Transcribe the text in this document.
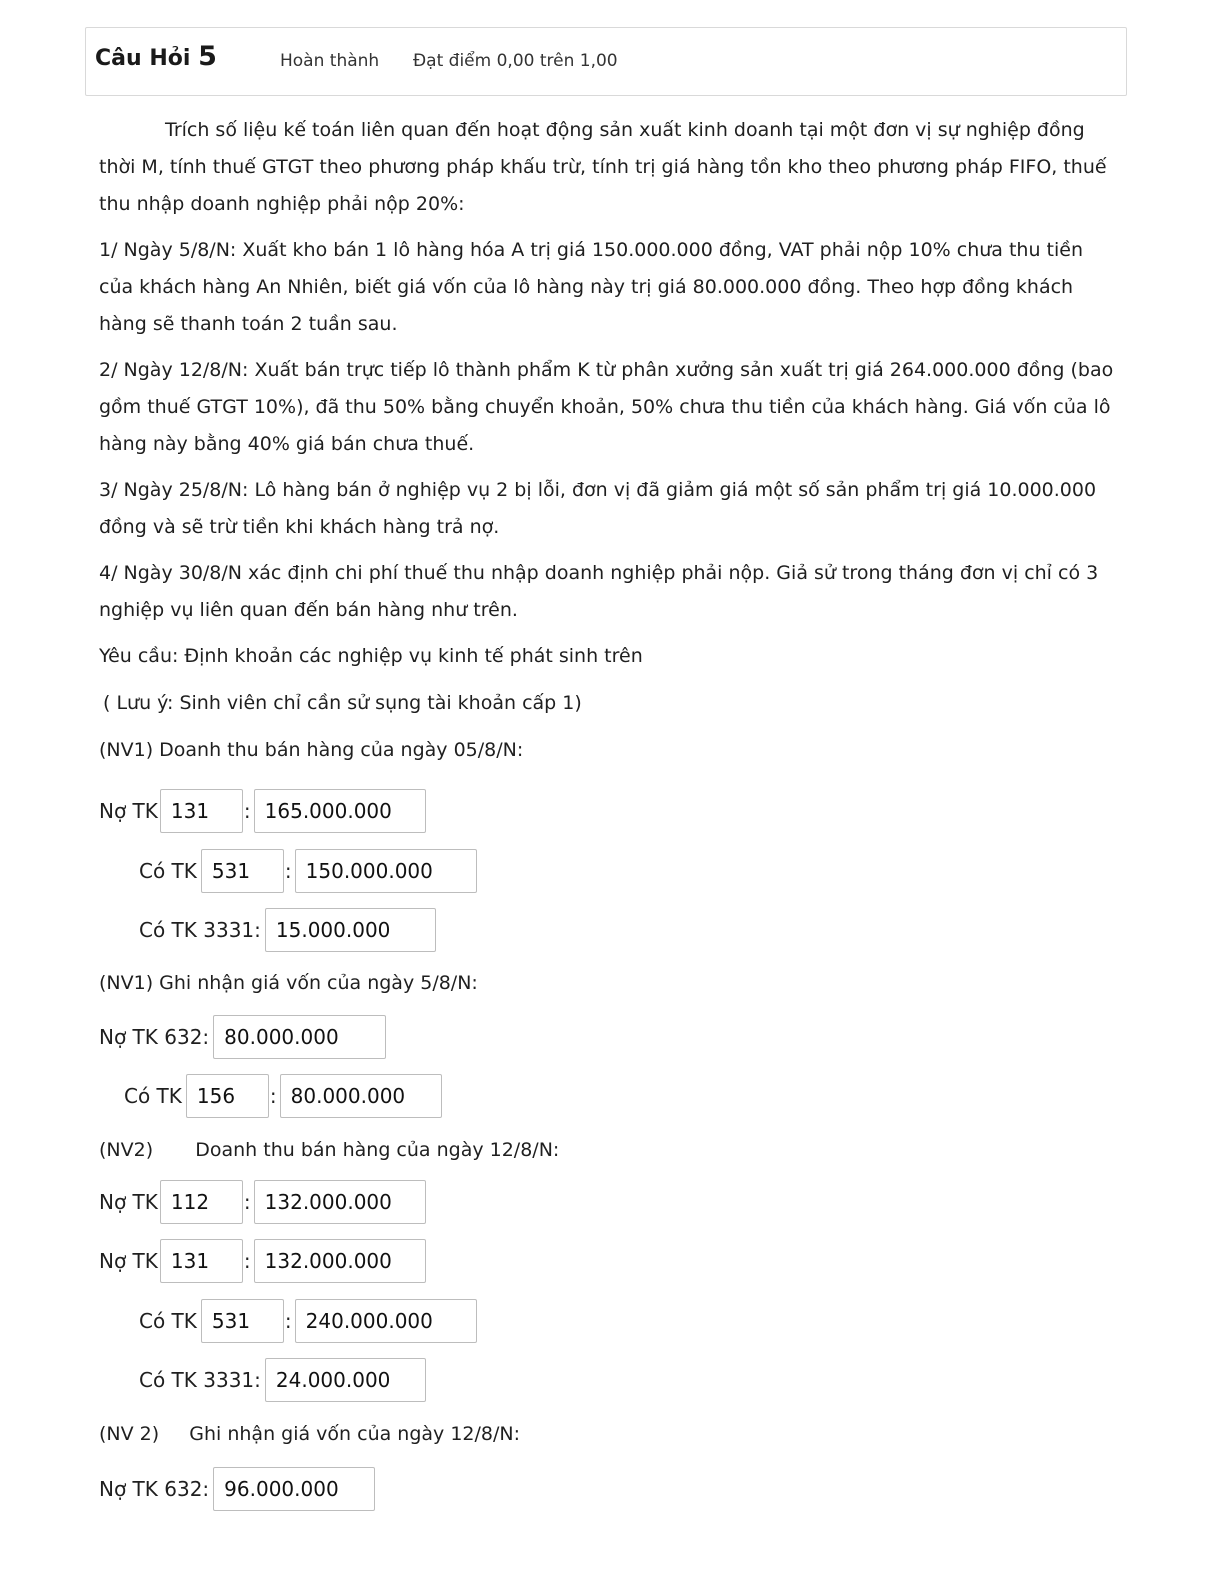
Câu Hỏi 5	Hoàn thành Đạt điểm 0,00 trên 1,00

Trích số liệu kế toán liên quan đến hoạt động sản xuất kinh doanh tại một đơn vị sự nghiệp đồng thời M, tính thuế GTGT theo phương pháp khấu trừ, tính trị giá hàng tồn kho theo phương pháp FIFO, thuế thu nhập doanh nghiệp phải nộp 20%:

1/ Ngày 5/8/N: Xuất kho bán 1 lô hàng hóa A trị giá 150.000.000 đồng, VAT phải nộp 10% chưa thu tiền của khách hàng An Nhiên, biết giá vốn của lô hàng này trị giá 80.000.000 đồng. Theo hợp đồng khách hàng sẽ thanh toán 2 tuần sau.

2/ Ngày 12/8/N: Xuất bán trực tiếp lô thành phẩm K từ phân xưởng sản xuất trị giá 264.000.000 đồng (bao gồm thuế GTGT 10%), đã thu 50% bằng chuyển khoản, 50% chưa thu tiền của khách hàng. Giá vốn của lô hàng này bằng 40% giá bán chưa thuế.

3/ Ngày 25/8/N: Lô hàng bán ở nghiệp vụ 2 bị lỗi, đơn vị đã giảm giá một số sản phẩm trị giá 10.000.000 đồng và sẽ trừ tiền khi khách hàng trả nợ.

4/ Ngày 30/8/N xác định chi phí thuế thu nhập doanh nghiệp phải nộp. Giả sử trong tháng đơn vị chỉ có 3 nghiệp vụ liên quan đến bán hàng như trên.

Yêu cầu: Định khoản các nghiệp vụ kinh tế phát sinh trên

( Lưu ý: Sinh viên chỉ cần sử sụng tài khoản cấp 1)

(NV1) Doanh thu bán hàng của ngày 05/8/N:

Nợ TK 131	: 165.000.000
Có TK 531	: 150.000.000
Có TK 3331: 15.000.000
(NV1) Ghi nhận giá vốn của ngày 5/8/N:
Nợ TK 632: 80.000.000
Có TK 156	: 80.000.000
(NV2) Doanh thu bán hàng của ngày 12/8/N:
Nợ TK 112	: 132.000.000
Nợ TK 131	: 132.000.000
Có TK 531	: 240.000.000
Có TK 3331: 24.000.000
(NV 2) Ghi nhận giá vốn của ngày 12/8/N:
Nợ TK 632: 96.000.000
